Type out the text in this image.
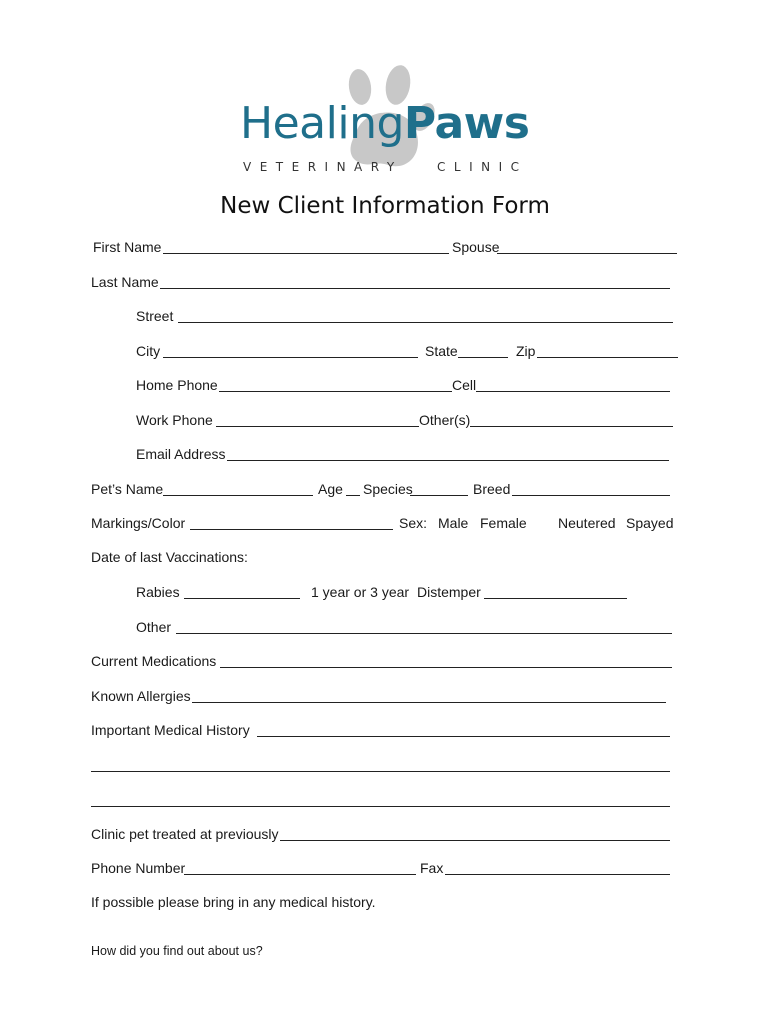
HealingPaws
VETERINARY	CLINIC
New Client Information Form
First Name	Spouse
Last Name
Street
City	State	Zip
Home Phone	Cell
Work Phone	Other(s)
Email Address
Pet’s Name	Age Species	Breed
Markings/Color	Sex: Male Female Neutered Spayed
Date of last Vaccinations:
Rabies	1 year or 3 year Distemper
Other
Current Medications
Known Allergies
Important Medical History
Clinic pet treated at previously
Phone Number	Fax
If possible please bring in any medical history.
How did you find out about us?
